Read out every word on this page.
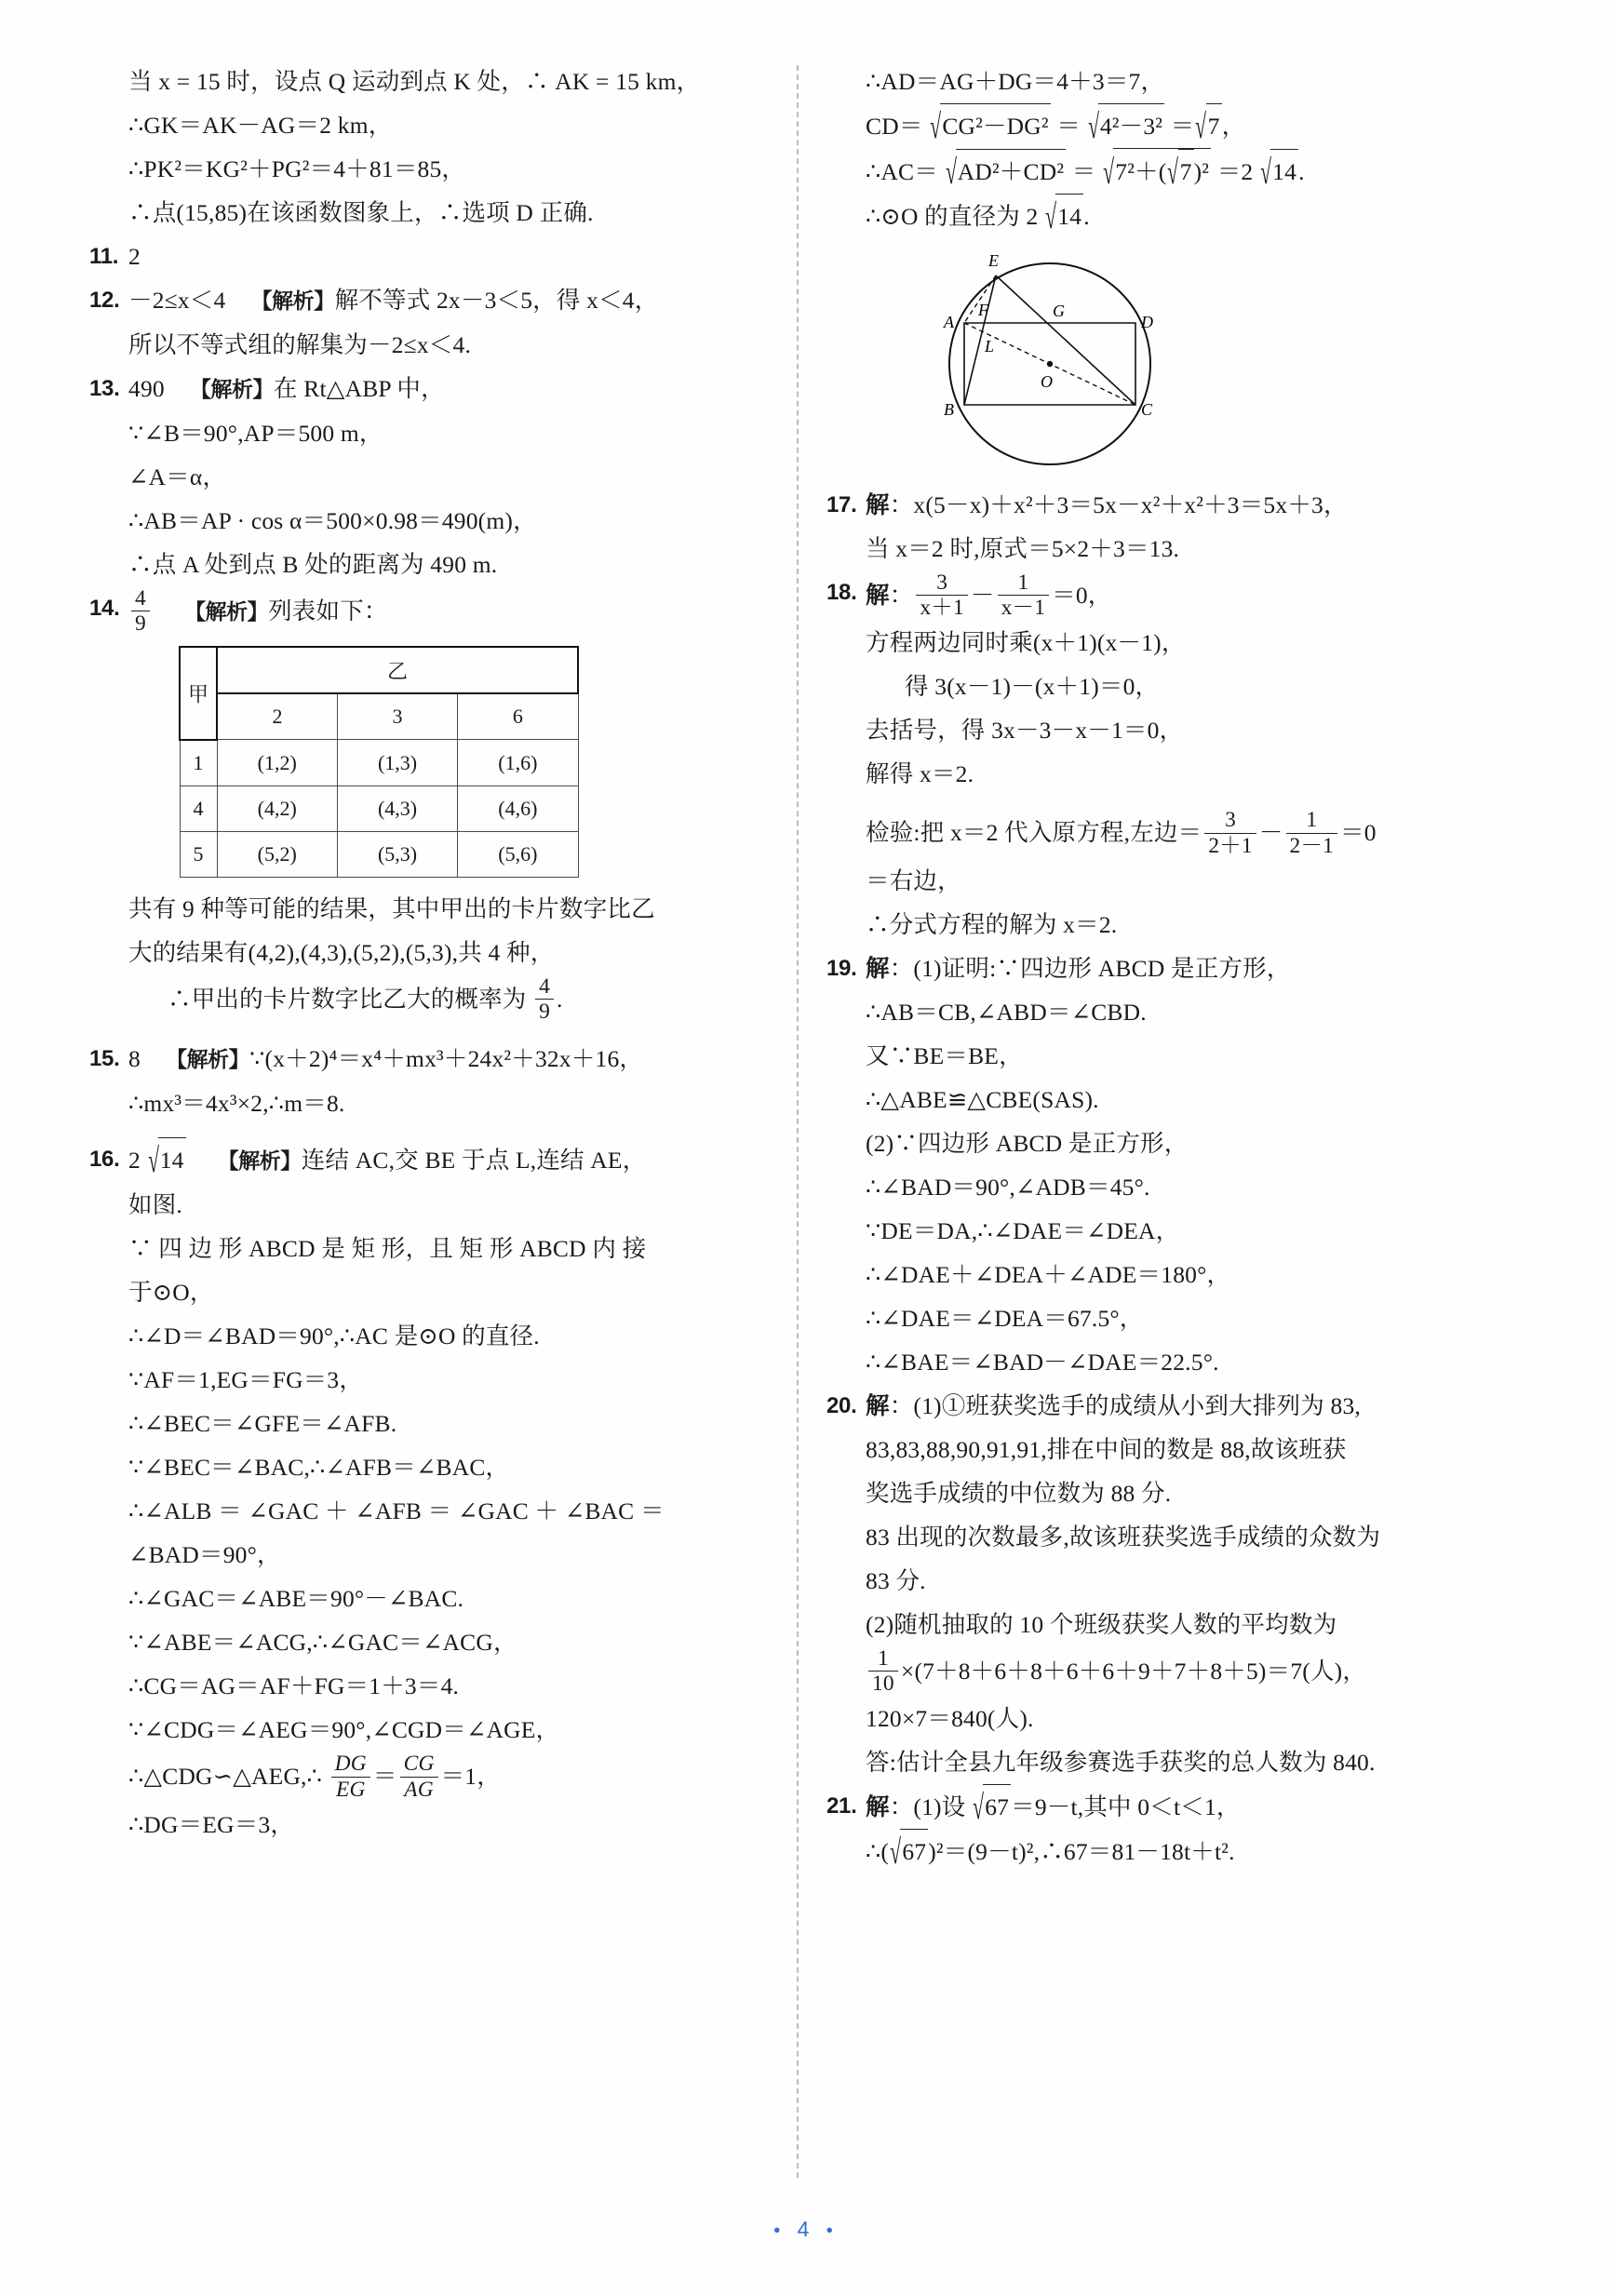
当 x = 15 时，设点 Q 运动到点 K 处，∴ AK = 15 km，
∴GK＝AK－AG＝2 km，
∴PK²＝KG²＋PG²＝4＋81＝85，
∴点(15,85)在该函数图象上，∴选项 D 正确.
11. 2
12. －2≤x＜4 【解析】解不等式 2x－3＜5，得 x＜4，
所以不等式组的解集为－2≤x＜4.
13. 490 【解析】在 Rt△ABP 中，
∵∠B＝90°,AP＝500 m，
∠A＝α，
∴AB＝AP · cos α＝500×0.98＝490(m)，
∴点 A 处到点 B 处的距离为 490 m.
14. $\frac{4}{9}$ 【解析】列表如下：
甲	乙		
	2	3	6
1	(1,2)	(1,3)	(1,6)
4	(4,2)	(4,3)	(4,6)
5	(5,2)	(5,3)	(5,6)
共有 9 种等可能的结果，其中甲出的卡片数字比乙
大的结果有(4,2),(4,3),(5,2),(5,3),共 4 种，
∴甲出的卡片数字比乙大的概率为 $\frac{4}{9}$ .
15. 8 【解析】∵(x＋2)⁴＝x⁴＋mx³＋24x²＋32x＋16，
∴mx³＝4x³×2,∴m＝8.
16. 2 √14 【解析】连结 AC,交 BE 于点 L,连结 AE，
如图.
∵ 四 边 形 ABCD 是 矩 形，且 矩 形 ABCD 内 接
于⊙O，
∴∠D＝∠BAD＝90°,∴AC 是⊙O 的直径.
∵AF＝1,EG＝FG＝3，
∴∠BEC＝∠GFE＝∠AFB.
∵∠BEC＝∠BAC,∴∠AFB＝∠BAC，
∴∠ALB ＝ ∠GAC ＋ ∠AFB ＝ ∠GAC ＋ ∠BAC ＝
∠BAD＝90°，
∴∠GAC＝∠ABE＝90°－∠BAC.
∵∠ABE＝∠ACG,∴∠GAC＝∠ACG，
∴CG＝AG＝AF＋FG＝1＋3＝4.
∵∠CDG＝∠AEG＝90°,∠CGD＝∠AGE，
∴△CDG∽△AEG,∴ $\frac{DG}{EG} = \frac{CG}{AG} =1$，
∴DG＝EG＝3，
∴AD＝AG＋DG＝4＋3＝7，
CD＝ √CG²－DG² ＝ √4²－3² ＝√7，
∴AC＝ √AD²＋CD² ＝ √7²＋(√7)² ＝2 √14.
∴⊙O 的直径为 2 √14.
E
A
F	G
D
L
O
B	C
17. 解：x(5－x)＋x²＋3＝5x－x²＋x²＋3＝5x＋3，
当 x＝2 时,原式＝5×2＋3＝13.
18. 解： $\frac{3}{x+1} - \frac{1}{x-1} =0$，
方程两边同时乘(x＋1)(x－1)，
得 3(x－1)－(x＋1)＝0，
去括号，得 3x－3－x－1＝0，
解得 x＝2.
检验:把 x＝2 代入原方程,左边＝ $\frac{3}{2+1} - \frac{1}{2-1} =0$
＝右边，
∴分式方程的解为 x＝2.
19. 解：(1)证明:∵四边形 ABCD 是正方形，
∴AB＝CB,∠ABD＝∠CBD.
又∵BE＝BE，
∴△ABE≌△CBE(SAS).
(2)∵四边形 ABCD 是正方形，
∴∠BAD＝90°,∠ADB＝45°.
∵DE＝DA,∴∠DAE＝∠DEA，
∴∠DAE＋∠DEA＋∠ADE＝180°，
∴∠DAE＝∠DEA＝67.5°，
∴∠BAE＝∠BAD－∠DAE＝22.5°.
20. 解：(1)①班获奖选手的成绩从小到大排列为 83,
83,83,88,90,91,91,排在中间的数是 88,故该班获
奖选手成绩的中位数为 88 分.
83 出现的次数最多,故该班获奖选手成绩的众数为
83 分.
(2)随机抽取的 10 个班级获奖人数的平均数为
$\frac{1}{10} \times(7+8+6+8+6+6+9+7+8+5)=7$(人)，
120×7＝840(人).
答:估计全县九年级参赛选手获奖的总人数为 840.
21. 解：(1)设 √67＝9－t,其中 0＜t＜1，
∴(√67)²＝(9－t)²,∴67＝81－18t＋t².
• 4 •
